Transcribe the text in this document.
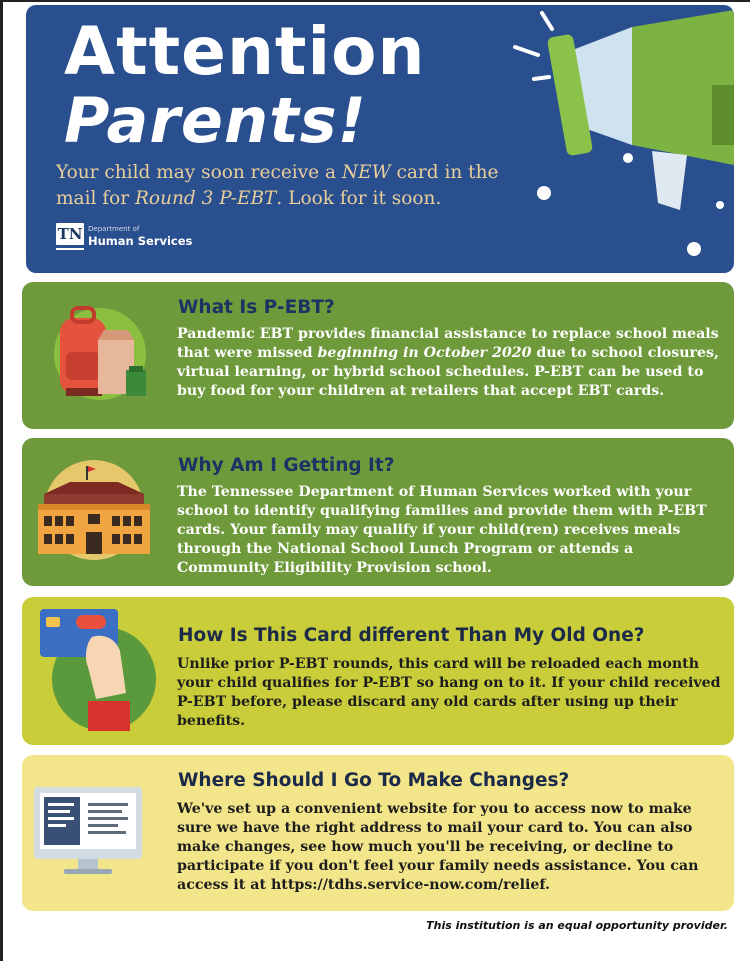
Attention
Parents!
Your child may soon receive a NEW card in the mail for Round 3 P-EBT. Look for it soon.
TN Department of
Human Services
What Is P-EBT?
Pandemic EBT provides financial assistance to replace school meals that were missed beginning in October 2020 due to school closures, virtual learning, or hybrid school schedules. P-EBT can be used to buy food for your children at retailers that accept EBT cards.
Why Am I Getting It?
The Tennessee Department of Human Services worked with your school to identify qualifying families and provide them with P-EBT cards. Your family may qualify if your child(ren) receives meals through the National School Lunch Program or attends a Community Eligibility Provision school.
How Is This Card different Than My Old One?
Unlike prior P-EBT rounds, this card will be reloaded each month your child qualifies for P-EBT so hang on to it. If your child received P-EBT before, please discard any old cards after using up their benefits.
Where Should I Go To Make Changes?
We've set up a convenient website for you to access now to make sure we have the right address to mail your card to. You can also make changes, see how much you'll be receiving, or decline to participate if you don't feel your family needs assistance. You can access it at https://tdhs.service-now.com/relief.
This institution is an equal opportunity provider.
